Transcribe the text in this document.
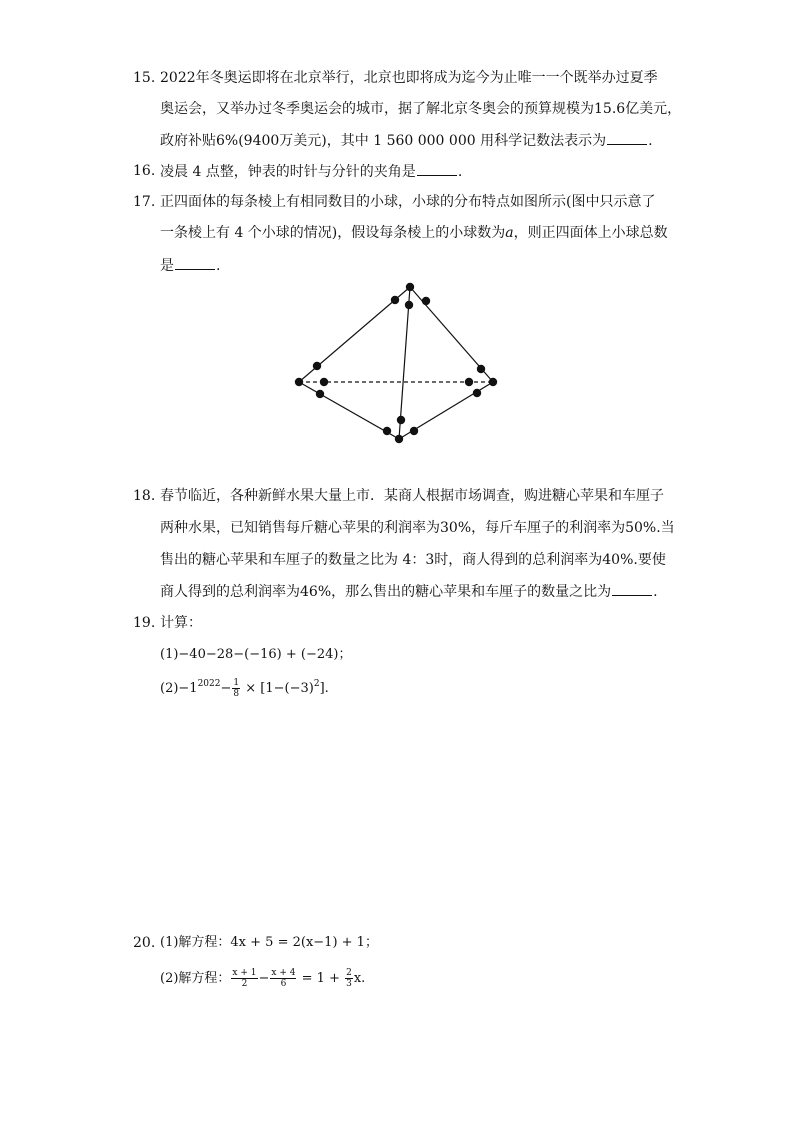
15. 2022年冬奥运即将在北京举行，北京也即将成为迄今为止唯一一个既举办过夏季
奥运会，又举办过冬季奥运会的城市，据了解北京冬奥会的预算规模为15.6亿美元，
政府补贴6%(9400万美元)，其中 1 560 000 000 用科学记数法表示为	.
16. 凌晨 4 点整，钟表的时针与分针的夹角是	.
17. 正四面体的每条棱上有相同数目的小球，小球的分布特点如图所示(图中只示意了
一条棱上有 4 个小球的情况)，假设每条棱上的小球数为a，则正四面体上小球总数
是	.
18. 春节临近，各种新鲜水果大量上市．某商人根据市场调查，购进糖心苹果和车厘子
两种水果，已知销售每斤糖心苹果的利润率为30%，每斤车厘子的利润率为50%.当
售出的糖心苹果和车厘子的数量之比为 4：3时，商人得到的总利润率为40%.要使
商人得到的总利润率为46%，那么售出的糖心苹果和车厘子的数量之比为	.
19. 计算：
(1)−40−28−(−16) + (−24)；
$(2)-1^{2022}- \frac{1}{8} \times [1-(-3)^2]$.
20. (1)解方程：4x + 5 = 2(x−1) + 1；
(2)解方程： $\frac{x + 1}{2} - \frac{x + 4}{6} = 1 + \frac{2}{3} x$.
